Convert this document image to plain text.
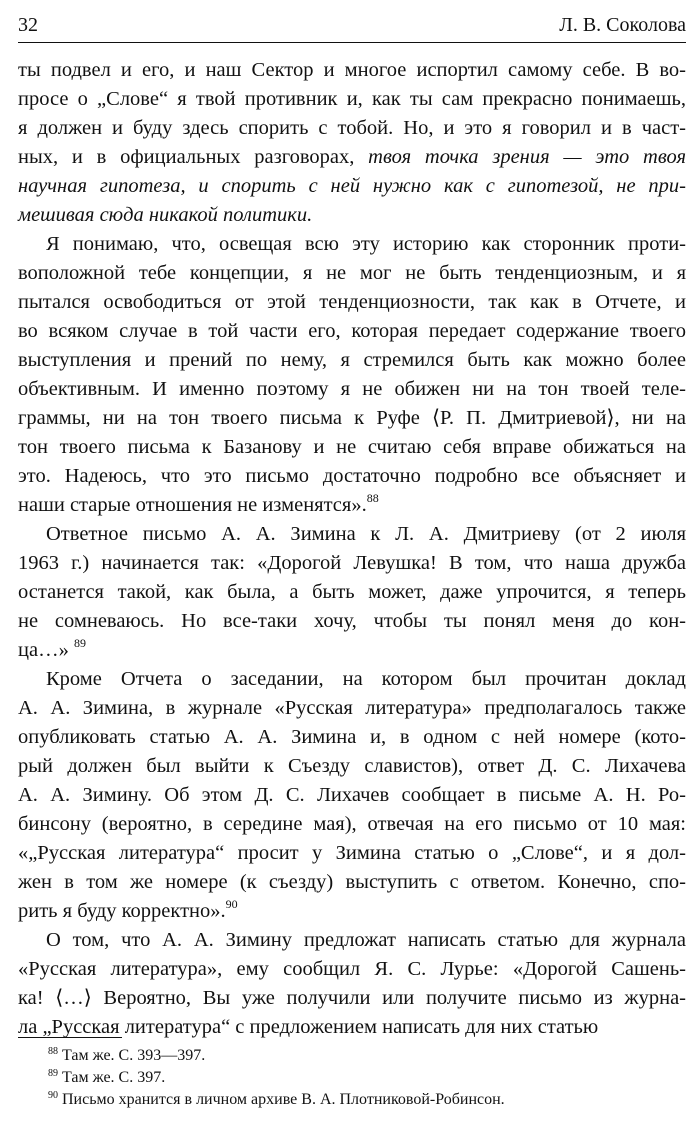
32	Л. В. Соколова
ты подвел и его, и наш Сектор и многое испортил самому себе. В во-
просе о „Слове“ я твой противник и, как ты сам прекрасно понимаешь,
я должен и буду здесь спорить с тобой. Но, и это я говорил и в част-
ных, и в официальных разговорах, твоя точка зрения — это твоя
научная гипотеза, и спорить с ней нужно как с гипотезой, не при-
мешивая сюда никакой политики.
Я понимаю, что, освещая всю эту историю как сторонник проти-
воположной тебе концепции, я не мог не быть тенденциозным, и я
пытался освободиться от этой тенденциозности, так как в Отчете, и
во всяком случае в той части его, которая передает содержание твоего
выступления и прений по нему, я стремился быть как можно более
объективным. И именно поэтому я не обижен ни на тон твоей теле-
граммы, ни на тон твоего письма к Руфе ⟨Р. П. Дмитриевой⟩, ни на
тон твоего письма к Базанову и не считаю себя вправе обижаться на
это. Надеюсь, что это письмо достаточно подробно все объясняет и
наши старые отношения не изменятся».$^{88}$
Ответное письмо А. А. Зимина к Л. А. Дмитриеву (от 2 июля
1963 г.) начинается так: «Дорогой Левушка! В том, что наша дружба
останется такой, как была, а быть может, даже упрочится, я теперь
не сомневаюсь. Но все-таки хочу, чтобы ты понял меня до кон-
ца…» $^{89}$
Кроме Отчета о заседании, на котором был прочитан доклад
А. А. Зимина, в журнале «Русская литература» предполагалось также
опубликовать статью А. А. Зимина и, в одном с ней номере (кото-
рый должен был выйти к Съезду славистов), ответ Д. С. Лихачева
А. А. Зимину. Об этом Д. С. Лихачев сообщает в письме А. Н. Ро-
бинсону (вероятно, в середине мая), отвечая на его письмо от 10 мая:
«„Русская литература“ просит у Зимина статью о „Слове“, и я дол-
жен в том же номере (к съезду) выступить с ответом. Конечно, спо-
рить я буду корректно».$^{90}$
О том, что А. А. Зимину предложат написать статью для журнала
«Русская литература», ему сообщил Я. С. Лурье: «Дорогой Сашень-
ка! ⟨…⟩ Вероятно, Вы уже получили или получите письмо из журна-
ла „Русская литература“ с предложением написать для них статью
$^{88}$ Там же. С. 393—397.
$^{89}$ Там же. С. 397.
$^{90}$ Письмо хранится в личном архиве В. А. Плотниковой-Робинсон.
